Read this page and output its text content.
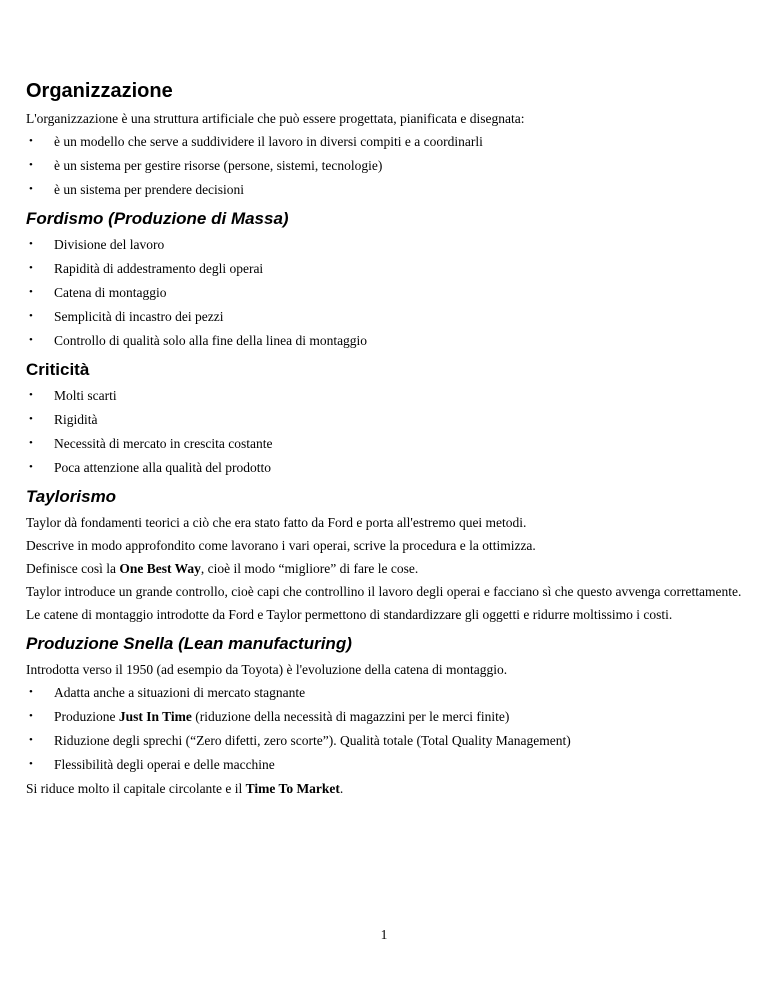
Organizzazione

L'organizzazione è una struttura artificiale che può essere progettata, pianificata e disegnata:

• è un modello che serve a suddividere il lavoro in diversi compiti e a coordinarli
• è un sistema per gestire risorse (persone, sistemi, tecnologie)
• è un sistema per prendere decisioni
Fordismo (Produzione di Massa)
• Divisione del lavoro
• Rapidità di addestramento degli operai
• Catena di montaggio
• Semplicità di incastro dei pezzi
• Controllo di qualità solo alla fine della linea di montaggio
Criticità
• Molti scarti
• Rigidità
• Necessità di mercato in crescita costante
• Poca attenzione alla qualità del prodotto
Taylorismo

Taylor dà fondamenti teorici a ciò che era stato fatto da Ford e porta all'estremo quei metodi.

Descrive in modo approfondito come lavorano i vari operai, scrive la procedura e la ottimizza.

Definisce così la One Best Way, cioè il modo “migliore” di fare le cose.

Taylor introduce un grande controllo, cioè capi che controllino il lavoro degli operai e facciano sì che questo avvenga correttamente.

Le catene di montaggio introdotte da Ford e Taylor permettono di standardizzare gli oggetti e ridurre moltissimo i costi.

Produzione Snella (Lean manufacturing)

Introdotta verso il 1950 (ad esempio da Toyota) è l'evoluzione della catena di montaggio.

• Adatta anche a situazioni di mercato stagnante
• Produzione Just In Time (riduzione della necessità di magazzini per le merci finite)
• Riduzione degli sprechi (“Zero difetti, zero scorte”). Qualità totale (Total Quality Management)
• Flessibilità degli operai e delle macchine

Si riduce molto il capitale circolante e il Time To Market.

1
